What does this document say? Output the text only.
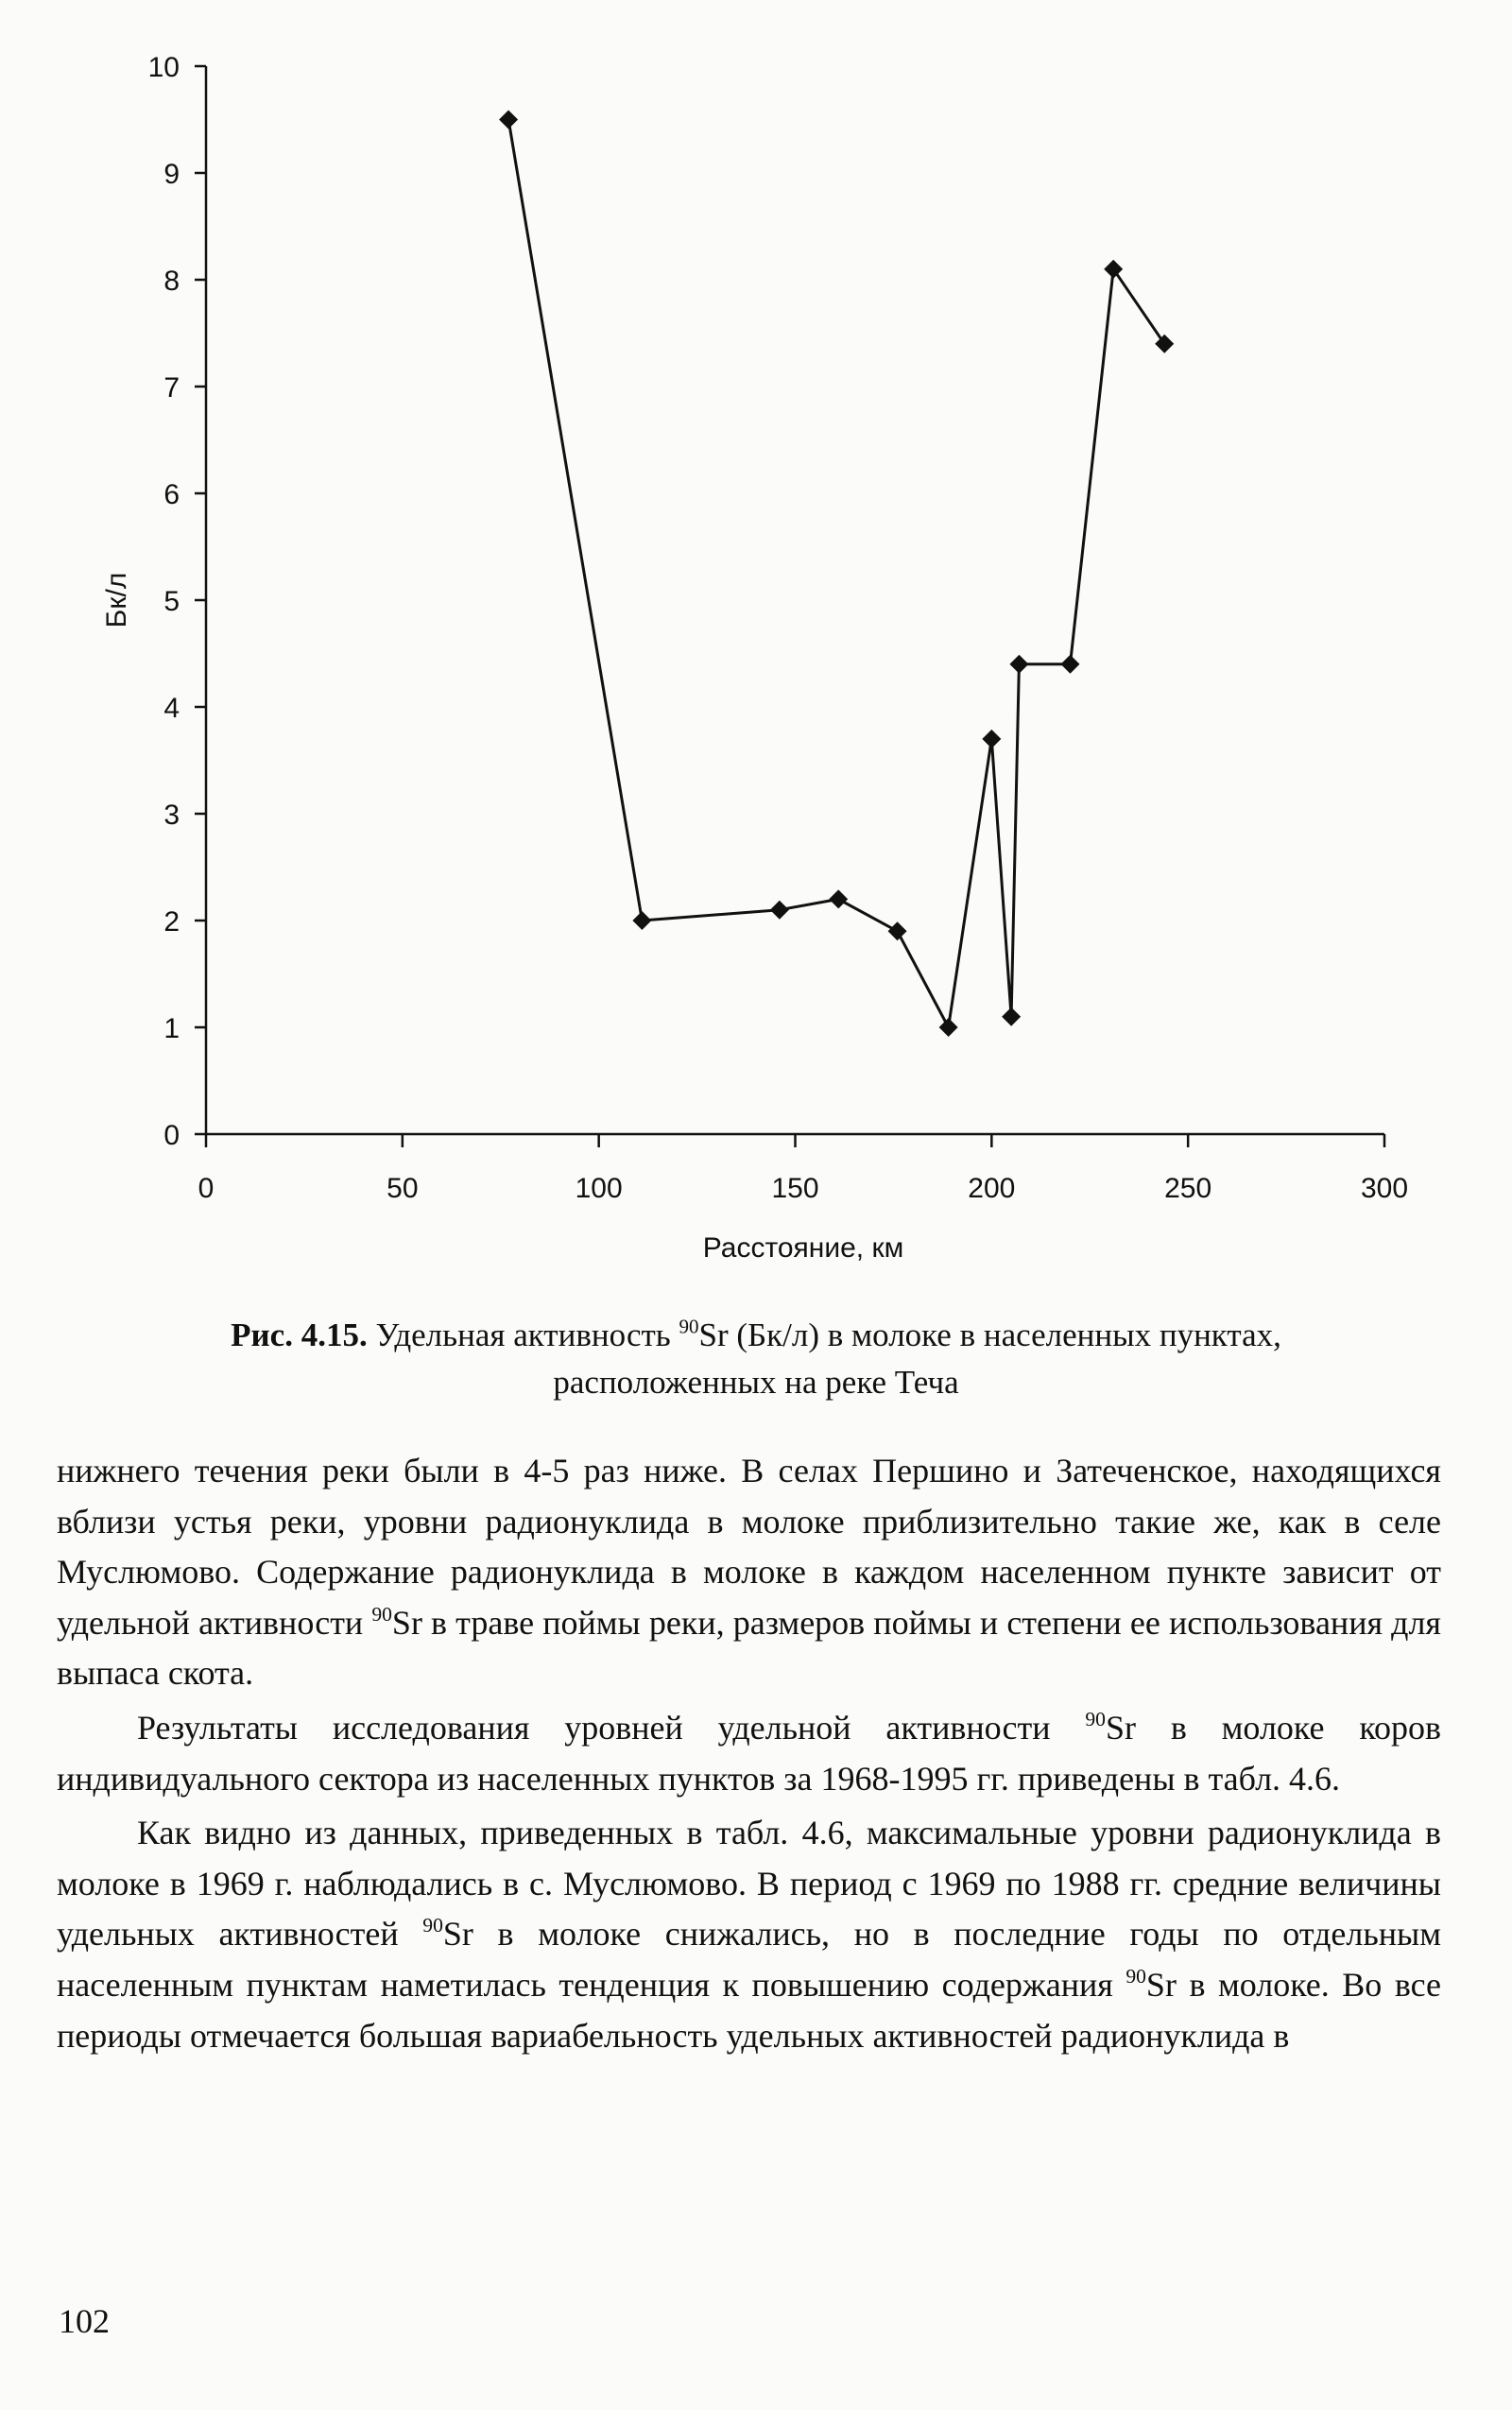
0
1
2
3
4
5
6
7
8
9
10
0	50	100	150	200	250	300
Бк/л
Расстояние, км
Рис. 4.15. Удельная активность $^{90}$Sr (Бк/л) в молоке в населенных пунктах,
расположенных на реке Теча

нижнего течения реки были в 4-5 раз ниже. В селах Першино и Затеченское, находящихся вблизи устья реки, уровни радионуклида в молоке приблизительно такие же, как в селе Муслюмово. Содержание радионуклида в молоке в каждом населенном пункте зависит от удельной активности $^{90}$Sr в траве поймы реки, размеров поймы и степени ее использования для выпаса скота.

Результаты исследования уровней удельной активности $^{90}$Sr в молоке коров индивидуального сектора из населенных пунктов за 1968-1995 гг. приведены в табл. 4.6.

Как видно из данных, приведенных в табл. 4.6, максимальные уровни радионуклида в молоке в 1969 г. наблюдались в с. Муслюмово. В период с 1969 по 1988 гг. средние величины удельных активностей $^{90}$Sr в молоке снижались, но в последние годы по отдельным населенным пунктам наметилась тенденция к повышению содержания $^{90}$Sr в молоке. Во все периоды отмечается большая вариабельность удельных активностей радионуклида в

102
